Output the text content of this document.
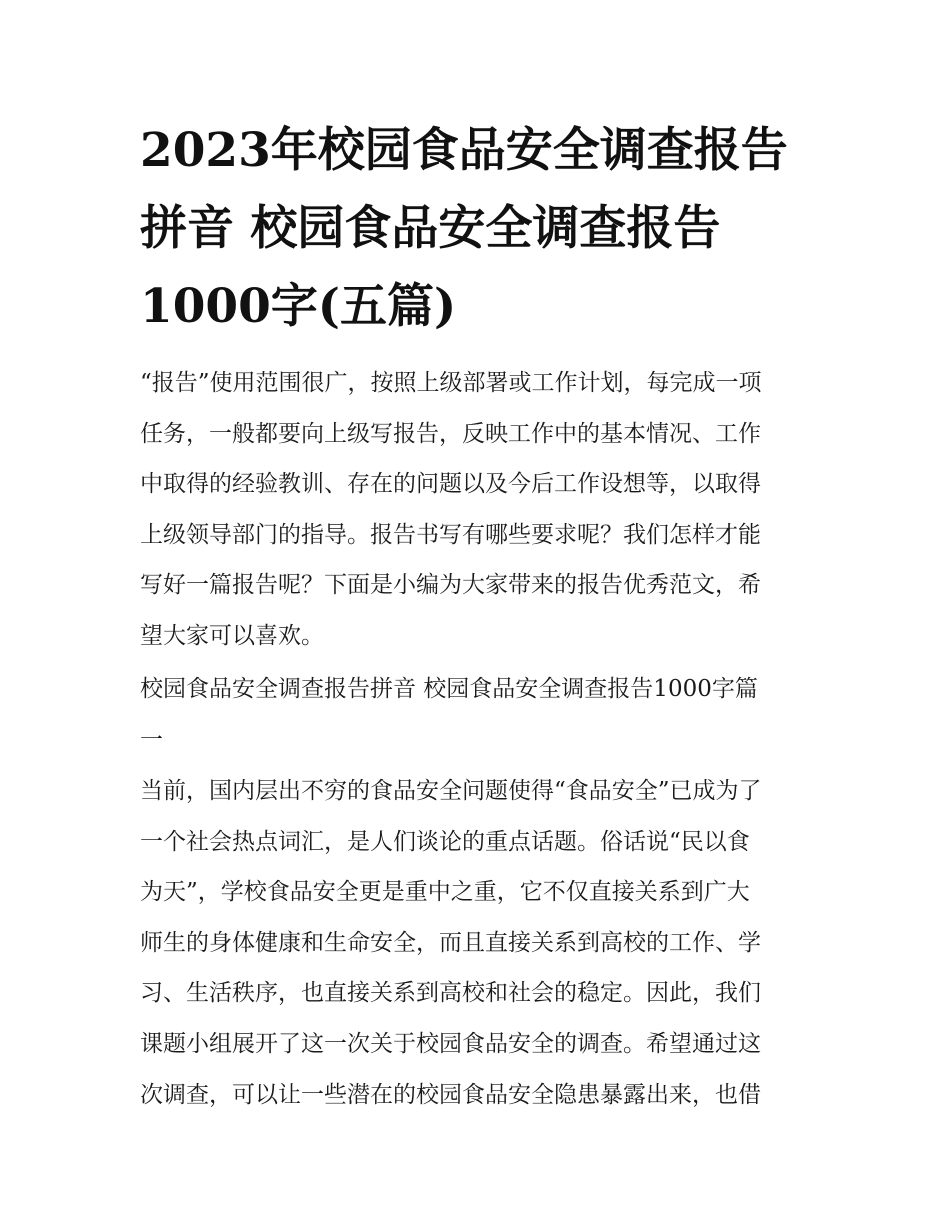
2023年校园食品安全调查报告
拼音 校园食品安全调查报告
1000字(五篇)

“报告”使用范围很广，按照上级部署或工作计划，每完成一项
任务，一般都要向上级写报告，反映工作中的基本情况、工作
中取得的经验教训、存在的问题以及今后工作设想等，以取得
上级领导部门的指导。报告书写有哪些要求呢？我们怎样才能
写好一篇报告呢？下面是小编为大家带来的报告优秀范文，希
望大家可以喜欢。

校园食品安全调查报告拼音 校园食品安全调查报告1000字篇
一

当前，国内层出不穷的食品安全问题使得“食品安全”已成为了
一个社会热点词汇，是人们谈论的重点话题。俗话说“民以食
为天”，学校食品安全更是重中之重，它不仅直接关系到广大
师生的身体健康和生命安全，而且直接关系到高校的工作、学
习、生活秩序，也直接关系到高校和社会的稳定。因此，我们
课题小组展开了这一次关于校园食品安全的调查。希望通过这
次调查，可以让一些潜在的校园食品安全隐患暴露出来，也借
